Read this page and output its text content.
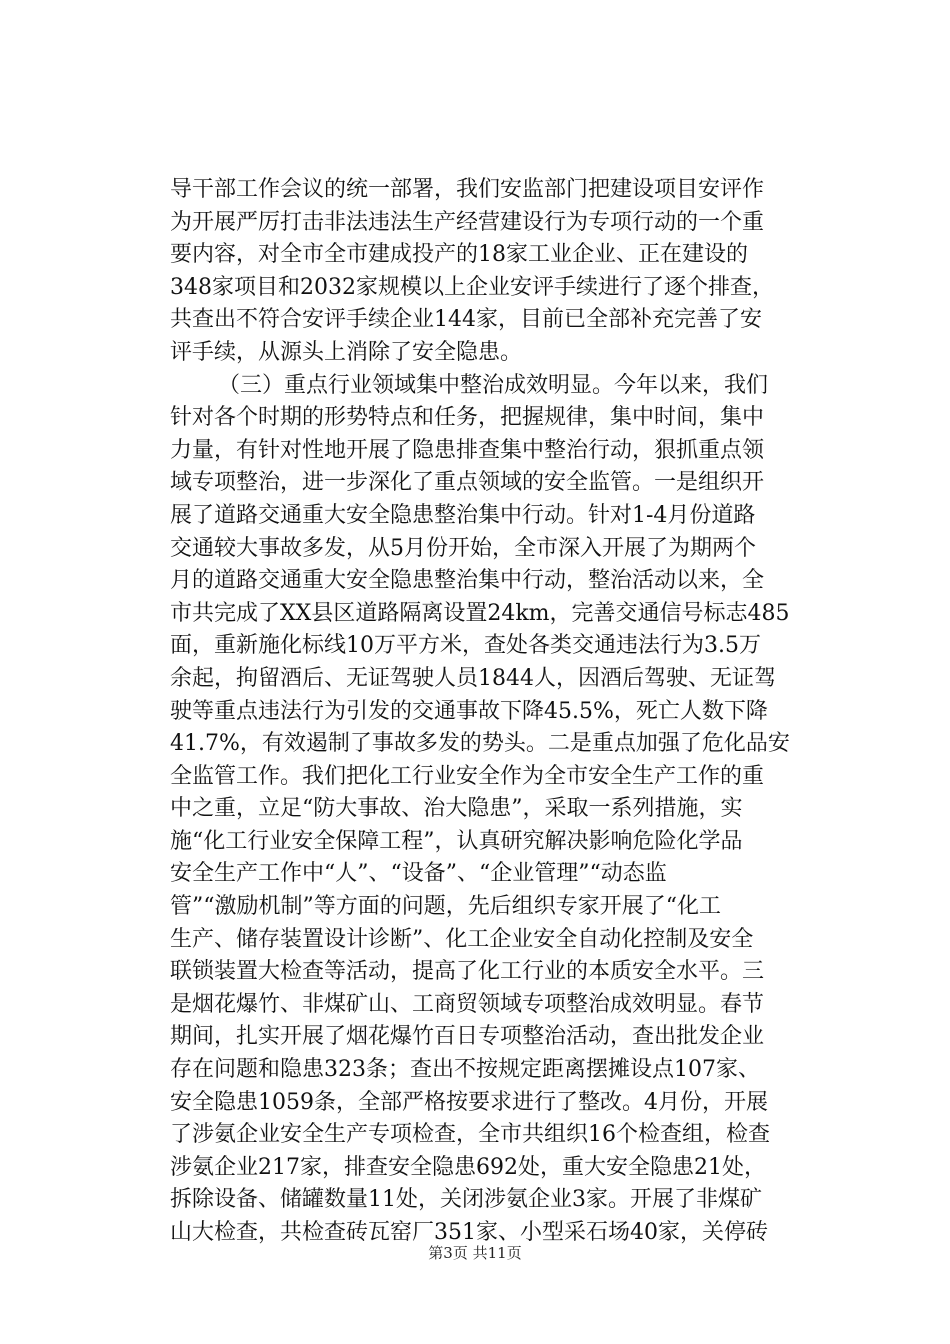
导干部工作会议的统一部署，我们安监部门把建设项目安评作
为开展严厉打击非法违法生产经营建设行为专项行动的一个重
要内容，对全市全市建成投产的18家工业企业、正在建设的
348家项目和2032家规模以上企业安评手续进行了逐个排查，
共查出不符合安评手续企业144家，目前已全部补充完善了安
评手续，从源头上消除了安全隐患。
（三）重点行业领域集中整治成效明显。今年以来，我们
针对各个时期的形势特点和任务，把握规律，集中时间，集中
力量，有针对性地开展了隐患排查集中整治行动，狠抓重点领
域专项整治，进一步深化了重点领域的安全监管。一是组织开
展了道路交通重大安全隐患整治集中行动。针对1-4月份道路
交通较大事故多发，从5月份开始，全市深入开展了为期两个
月的道路交通重大安全隐患整治集中行动，整治活动以来，全
市共完成了XX县区道路隔离设置24km，完善交通信号标志485
面，重新施化标线10万平方米，查处各类交通违法行为3.5万
余起，拘留酒后、无证驾驶人员1844人，因酒后驾驶、无证驾
驶等重点违法行为引发的交通事故下降45.5%，死亡人数下降
41.7%，有效遏制了事故多发的势头。二是重点加强了危化品安
全监管工作。我们把化工行业安全作为全市安全生产工作的重
中之重，立足“防大事故、治大隐患”，采取一系列措施，实
施“化工行业安全保障工程”，认真研究解决影响危险化学品
安全生产工作中“人”、“设备”、“企业管理”“动态监
管”“激励机制”等方面的问题，先后组织专家开展了“化工
生产、储存装置设计诊断”、化工企业安全自动化控制及安全
联锁装置大检查等活动，提高了化工行业的本质安全水平。三
是烟花爆竹、非煤矿山、工商贸领域专项整治成效明显。春节
期间，扎实开展了烟花爆竹百日专项整治活动，查出批发企业
存在问题和隐患323条；查出不按规定距离摆摊设点107家、
安全隐患1059条，全部严格按要求进行了整改。4月份，开展
了涉氨企业安全生产专项检查，全市共组织16个检查组，检查
涉氨企业217家，排查安全隐患692处，重大安全隐患21处，
拆除设备、储罐数量11处，关闭涉氨企业3家。开展了非煤矿
山大检查，共检查砖瓦窑厂351家、小型采石场40家，关停砖
第3页 共11页
